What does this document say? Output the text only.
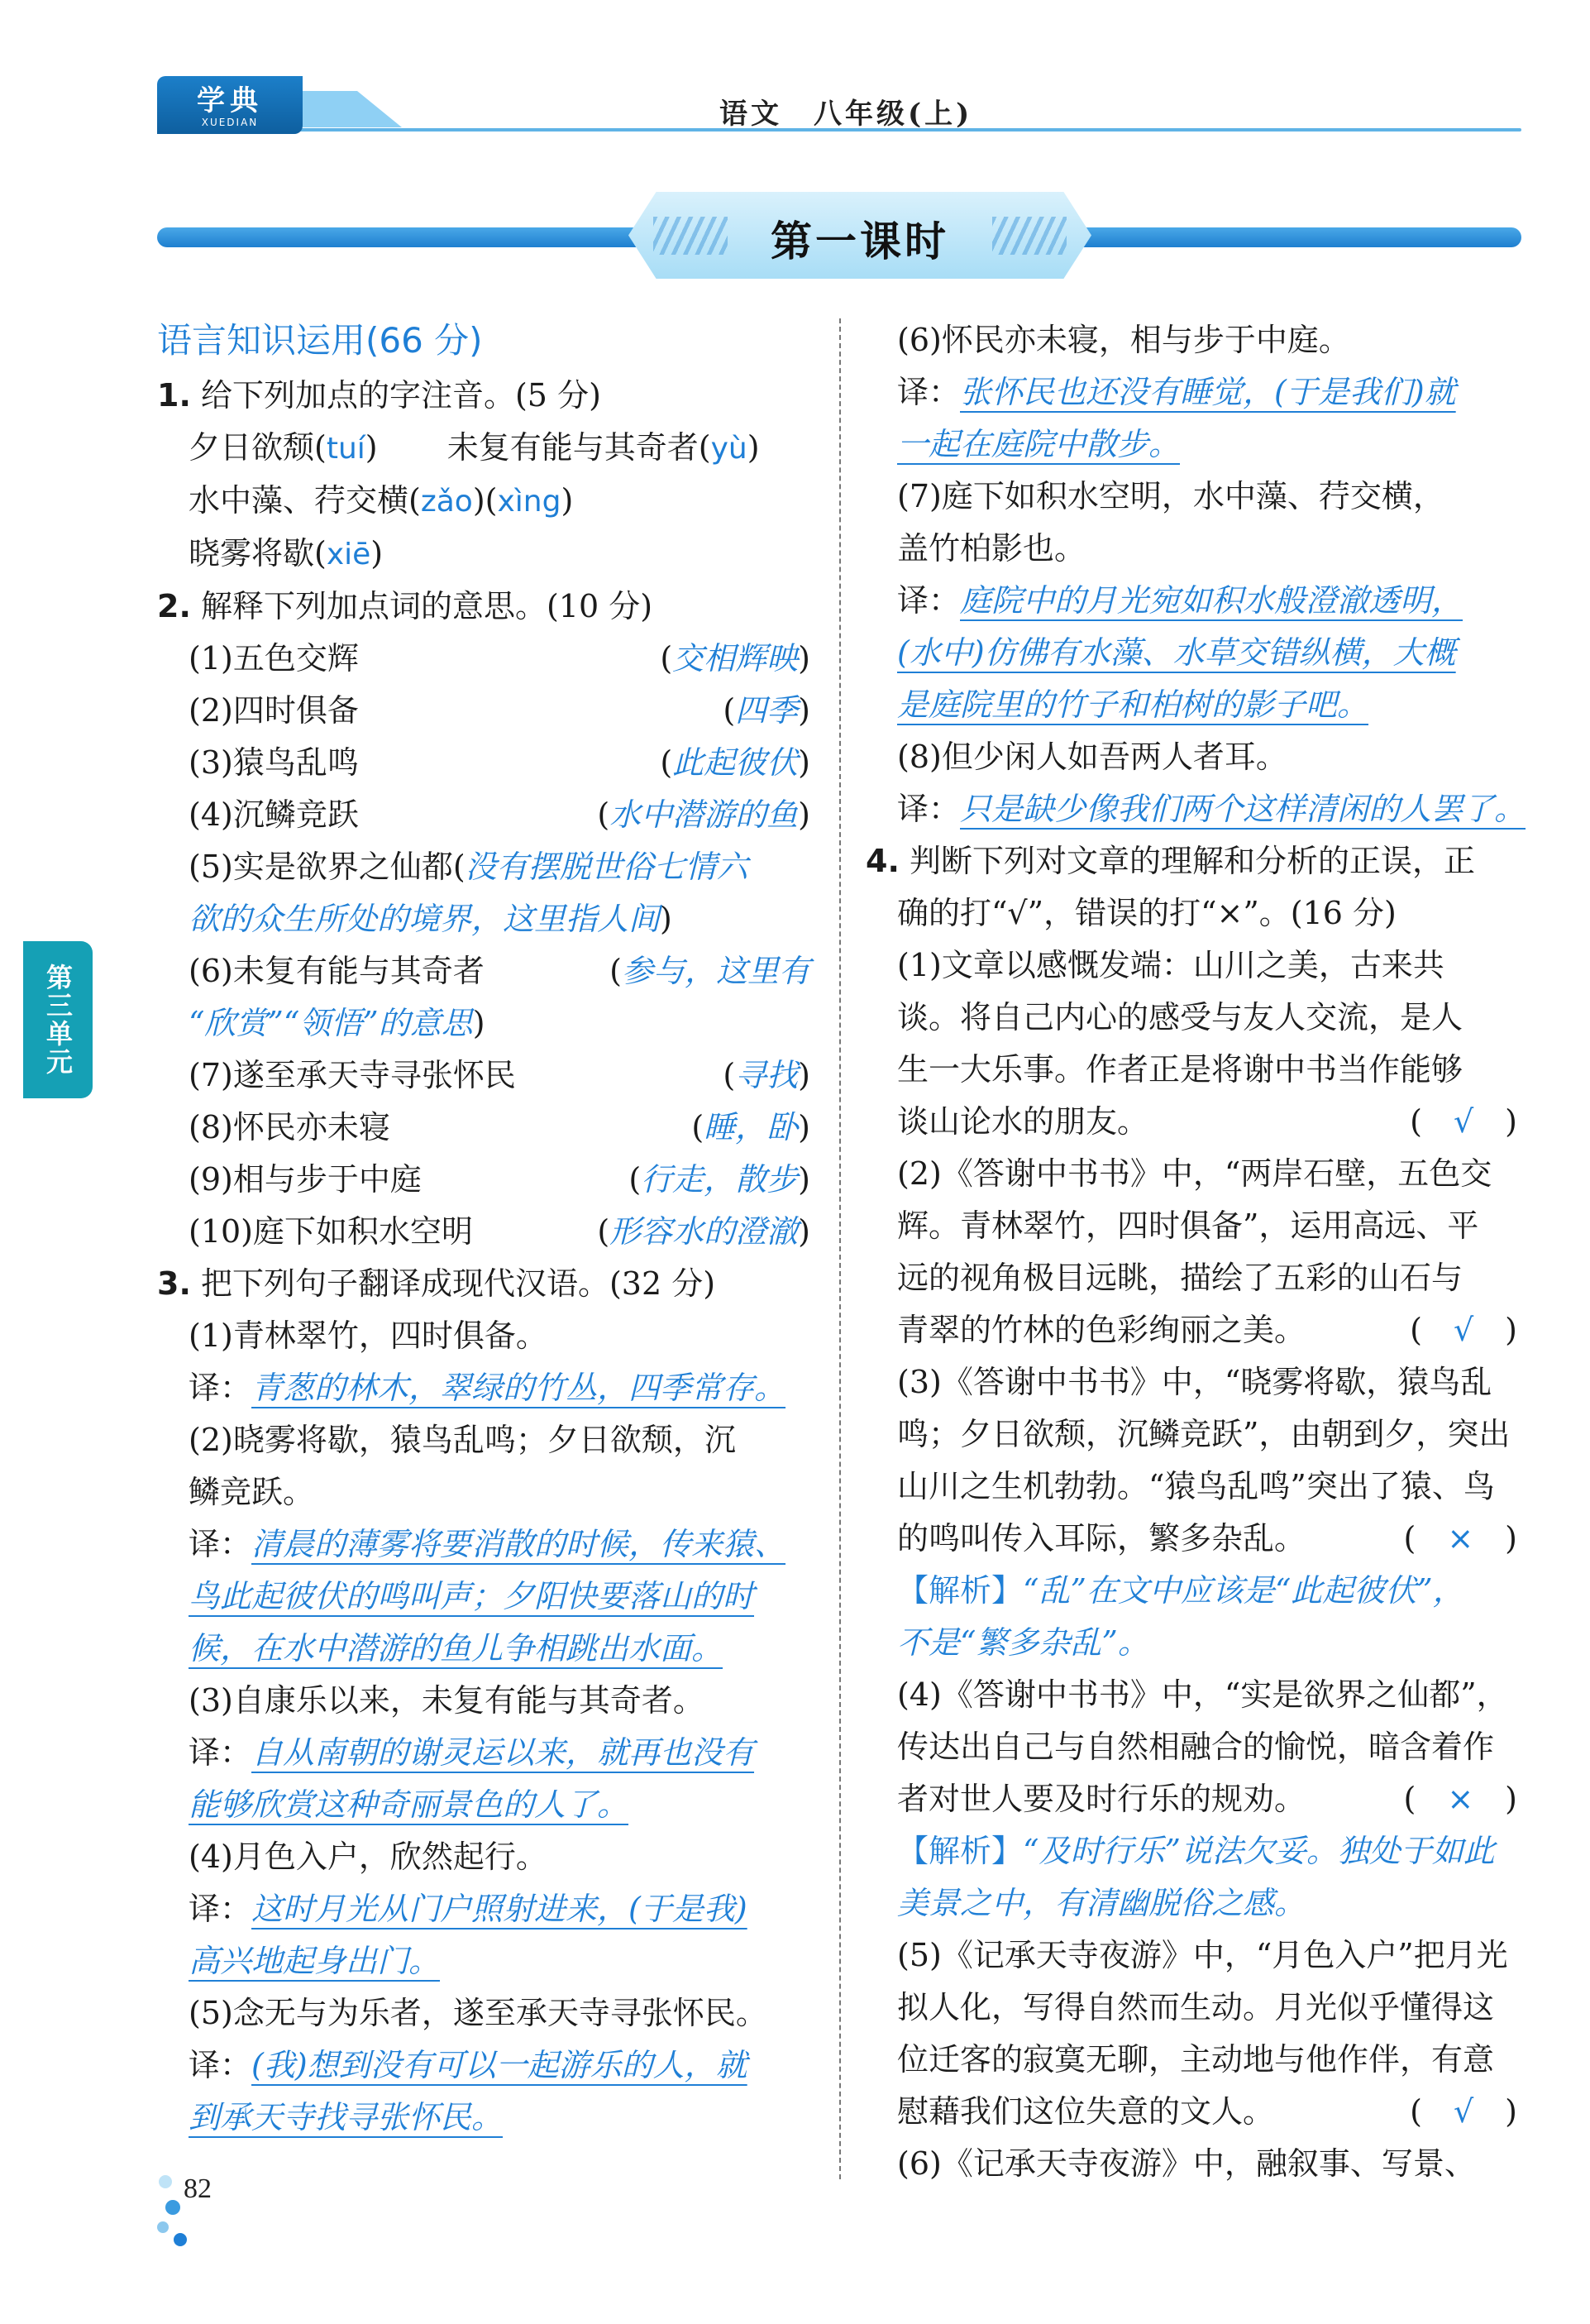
学典
XUEDIAN	语文　八年级(上)
第一课时
第三单元
语言知识运用(66 分)
1. 给下列加点的字注音。(5 分)
夕日欲颓(tuí) 未复有能与其奇者(yù)
水中藻、荇交横(zǎo)(xìng)
晓雾将歇(xiē)
2. 解释下列加点词的意思。(10 分)
(1)五色交辉	(交相辉映)
(2)四时俱备	(四季)
(3)猿鸟乱鸣	(此起彼伏)
(4)沉鳞竞跃	(水中潜游的鱼)
(5)实是欲界之仙都(没有摆脱世俗七情六
欲的众生所处的境界，这里指人间)
(6)未复有能与其奇者	(参与，这里有
“欣赏”“领悟”的意思)
(7)遂至承天寺寻张怀民	(寻找)
(8)怀民亦未寝	(睡，卧)
(9)相与步于中庭	(行走，散步)
(10)庭下如积水空明	(形容水的澄澈)
3. 把下列句子翻译成现代汉语。(32 分)
(1)青林翠竹，四时俱备。
译：青葱的林木，翠绿的竹丛，四季常存。
(2)晓雾将歇，猿鸟乱鸣；夕日欲颓，沉
鳞竞跃。
译：清晨的薄雾将要消散的时候，传来猿、
鸟此起彼伏的鸣叫声；夕阳快要落山的时
候，在水中潜游的鱼儿争相跳出水面。
(3)自康乐以来，未复有能与其奇者。
译：自从南朝的谢灵运以来，就再也没有
能够欣赏这种奇丽景色的人了。
(4)月色入户，欣然起行。
译：这时月光从门户照射进来，(于是我)
高兴地起身出门。
(5)念无与为乐者，遂至承天寺寻张怀民。
译：(我)想到没有可以一起游乐的人，就
到承天寺找寻张怀民。
(6)怀民亦未寝，相与步于中庭。
译：张怀民也还没有睡觉，(于是我们)就
一起在庭院中散步。
(7)庭下如积水空明，水中藻、荇交横，
盖竹柏影也。
译：庭院中的月光宛如积水般澄澈透明，
(水中)仿佛有水藻、水草交错纵横，大概
是庭院里的竹子和柏树的影子吧。
(8)但少闲人如吾两人者耳。
译：只是缺少像我们两个这样清闲的人罢了。
4. 判断下列对文章的理解和分析的正误，正
确的打“√”，错误的打“×”。(16 分)
(1)文章以感慨发端：山川之美，古来共
谈。将自己内心的感受与友人交流，是人
生一大乐事。作者正是将谢中书当作能够
谈山论水的朋友。	(　√　)
(2)《答谢中书书》中，“两岸石壁，五色交
辉。青林翠竹，四时俱备”，运用高远、平
远的视角极目远眺，描绘了五彩的山石与
青翠的竹林的色彩绚丽之美。	(　√　)
(3)《答谢中书书》中，“晓雾将歇，猿鸟乱
鸣；夕日欲颓，沉鳞竞跃”，由朝到夕，突出
山川之生机勃勃。“猿鸟乱鸣”突出了猿、鸟
的鸣叫传入耳际，繁多杂乱。	(　×　)
【解析】“乱”在文中应该是“此起彼伏”，
不是“繁多杂乱”。
(4)《答谢中书书》中，“实是欲界之仙都”，
传达出自己与自然相融合的愉悦，暗含着作
者对世人要及时行乐的规劝。	(　×　)
【解析】“及时行乐”说法欠妥。独处于如此
美景之中，有清幽脱俗之感。
(5)《记承天寺夜游》中，“月色入户”把月光
拟人化，写得自然而生动。月光似乎懂得这
位迁客的寂寞无聊，主动地与他作伴，有意
慰藉我们这位失意的文人。	(　√　)
(6)《记承天寺夜游》中，融叙事、写景、
82
